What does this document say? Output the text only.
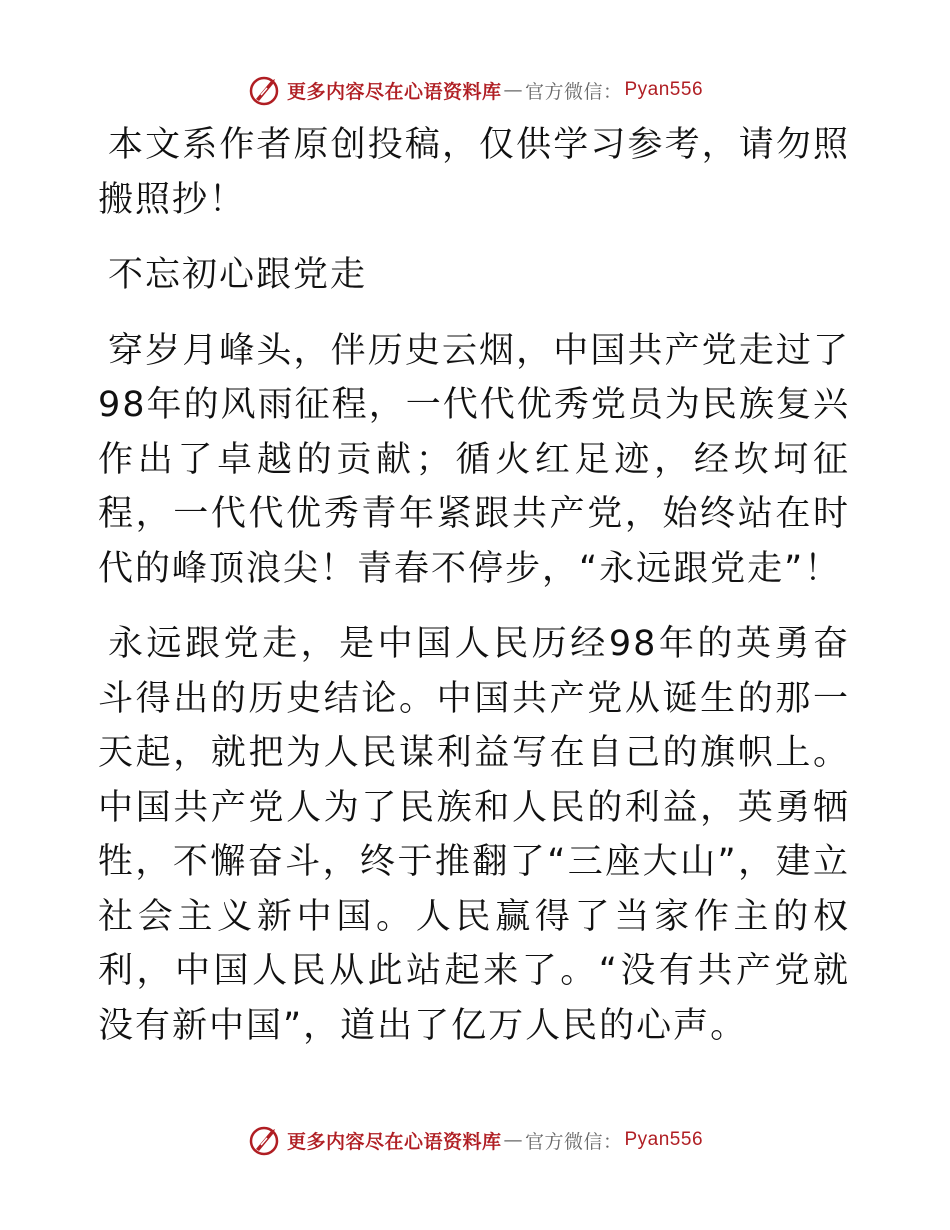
更多内容尽在心语资料库 — 官方微信： Pyan556

本文系作者原创投稿，仅供学习参考，请勿照搬照抄！

不忘初心跟党走

穿岁月峰头，伴历史云烟，中国共产党走过了98年的风雨征程，一代代优秀党员为民族复兴作出了卓越的贡献；循火红足迹，经坎坷征程，一代代优秀青年紧跟共产党，始终站在时代的峰顶浪尖！青春不停步，“永远跟党走”！

永远跟党走，是中国人民历经98年的英勇奋斗得出的历史结论。中国共产党从诞生的那一天起，就把为人民谋利益写在自己的旗帜上。中国共产党人为了民族和人民的利益，英勇牺牲，不懈奋斗，终于推翻了“三座大山”，建立社会主义新中国。人民赢得了当家作主的权利，中国人民从此站起来了。“没有共产党就没有新中国”，道出了亿万人民的心声。

更多内容尽在心语资料库 — 官方微信： Pyan556
